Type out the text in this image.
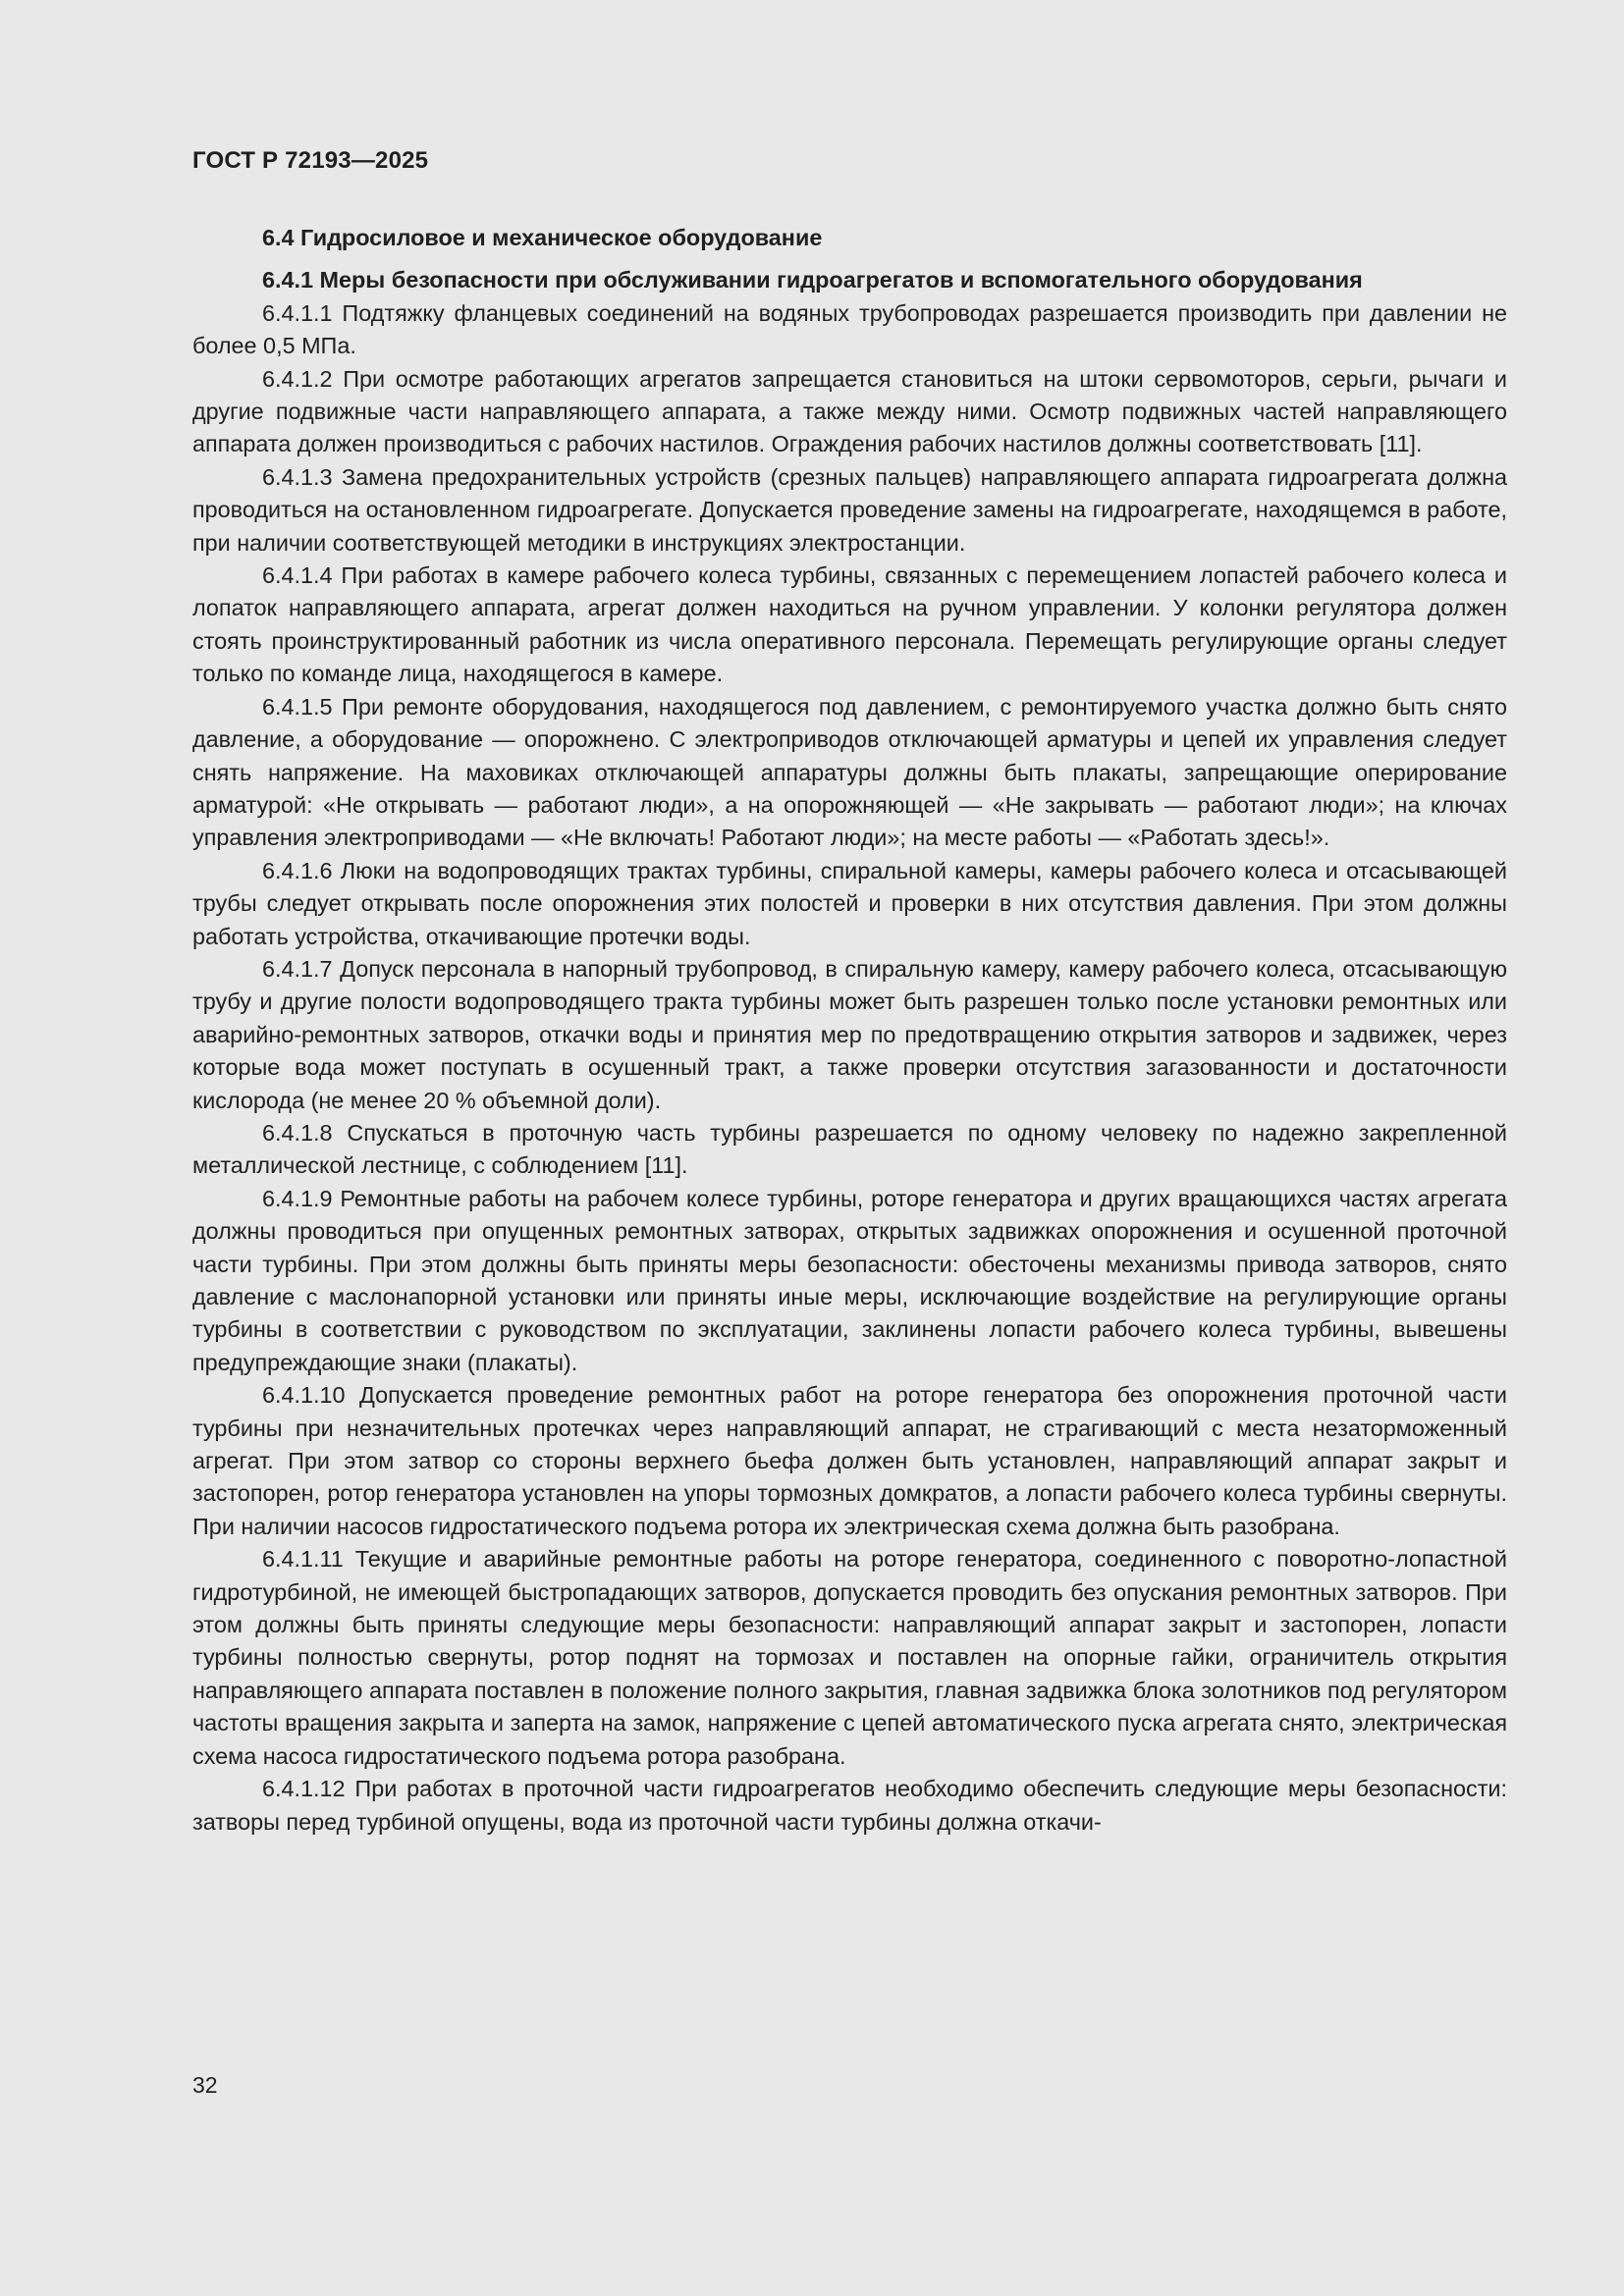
ГОСТ Р 72193—2025

6.4 Гидросиловое и механическое оборудование

6.4.1 Меры безопасности при обслуживании гидроагрегатов и вспомогательного оборудования

6.4.1.1 Подтяжку фланцевых соединений на водяных трубопроводах разрешается производить при давлении не более 0,5 МПа.

6.4.1.2 При осмотре работающих агрегатов запрещается становиться на штоки сервомоторов, серьги, рычаги и другие подвижные части направляющего аппарата, а также между ними. Осмотр подвижных частей направляющего аппарата должен производиться с рабочих настилов. Ограждения рабочих настилов должны соответствовать [11].

6.4.1.3 Замена предохранительных устройств (срезных пальцев) направляющего аппарата гидроагрегата должна проводиться на остановленном гидроагрегате. Допускается проведение замены на гидроагрегате, находящемся в работе, при наличии соответствующей методики в инструкциях электростанции.

6.4.1.4 При работах в камере рабочего колеса турбины, связанных с перемещением лопастей рабочего колеса и лопаток направляющего аппарата, агрегат должен находиться на ручном управлении. У колонки регулятора должен стоять проинструктированный работник из числа оперативного персонала. Перемещать регулирующие органы следует только по команде лица, находящегося в камере.

6.4.1.5 При ремонте оборудования, находящегося под давлением, с ремонтируемого участка должно быть снято давление, а оборудование — опорожнено. С электроприводов отключающей арматуры и цепей их управления следует снять напряжение. На маховиках отключающей аппаратуры должны быть плакаты, запрещающие оперирование арматурой: «Не открывать — работают люди», а на опорожняющей — «Не закрывать — работают люди»; на ключах управления электроприводами — «Не включать! Работают люди»; на месте работы — «Работать здесь!».

6.4.1.6 Люки на водопроводящих трактах турбины, спиральной камеры, камеры рабочего колеса и отсасывающей трубы следует открывать после опорожнения этих полостей и проверки в них отсутствия давления. При этом должны работать устройства, откачивающие протечки воды.

6.4.1.7 Допуск персонала в напорный трубопровод, в спиральную камеру, камеру рабочего колеса, отсасывающую трубу и другие полости водопроводящего тракта турбины может быть разрешен только после установки ремонтных или аварийно-ремонтных затворов, откачки воды и принятия мер по предотвращению открытия затворов и задвижек, через которые вода может поступать в осушенный тракт, а также проверки отсутствия загазованности и достаточности кислорода (не менее 20 % объемной доли).

6.4.1.8 Спускаться в проточную часть турбины разрешается по одному человеку по надежно закрепленной металлической лестнице, с соблюдением [11].

6.4.1.9 Ремонтные работы на рабочем колесе турбины, роторе генератора и других вращающихся частях агрегата должны проводиться при опущенных ремонтных затворах, открытых задвижках опорожнения и осушенной проточной части турбины. При этом должны быть приняты меры безопасности: обесточены механизмы привода затворов, снято давление с маслонапорной установки или приняты иные меры, исключающие воздействие на регулирующие органы турбины в соответствии с руководством по эксплуатации, заклинены лопасти рабочего колеса турбины, вывешены предупреждающие знаки (плакаты).

6.4.1.10 Допускается проведение ремонтных работ на роторе генератора без опорожнения проточной части турбины при незначительных протечках через направляющий аппарат, не страгивающий с места незаторможенный агрегат. При этом затвор со стороны верхнего бьефа должен быть установлен, направляющий аппарат закрыт и застопорен, ротор генератора установлен на упоры тормозных домкратов, а лопасти рабочего колеса турбины свернуты. При наличии насосов гидростатического подъема ротора их электрическая схема должна быть разобрана.

6.4.1.11 Текущие и аварийные ремонтные работы на роторе генератора, соединенного с поворотно-лопастной гидротурбиной, не имеющей быстропадающих затворов, допускается проводить без опускания ремонтных затворов. При этом должны быть приняты следующие меры безопасности: направляющий аппарат закрыт и застопорен, лопасти турбины полностью свернуты, ротор поднят на тормозах и поставлен на опорные гайки, ограничитель открытия направляющего аппарата поставлен в положение полного закрытия, главная задвижка блока золотников под регулятором частоты вращения закрыта и заперта на замок, напряжение с цепей автоматического пуска агрегата снято, электрическая схема насоса гидростатического подъема ротора разобрана.

6.4.1.12 При работах в проточной части гидроагрегатов необходимо обеспечить следующие меры безопасности: затворы перед турбиной опущены, вода из проточной части турбины должна откачи-

32
